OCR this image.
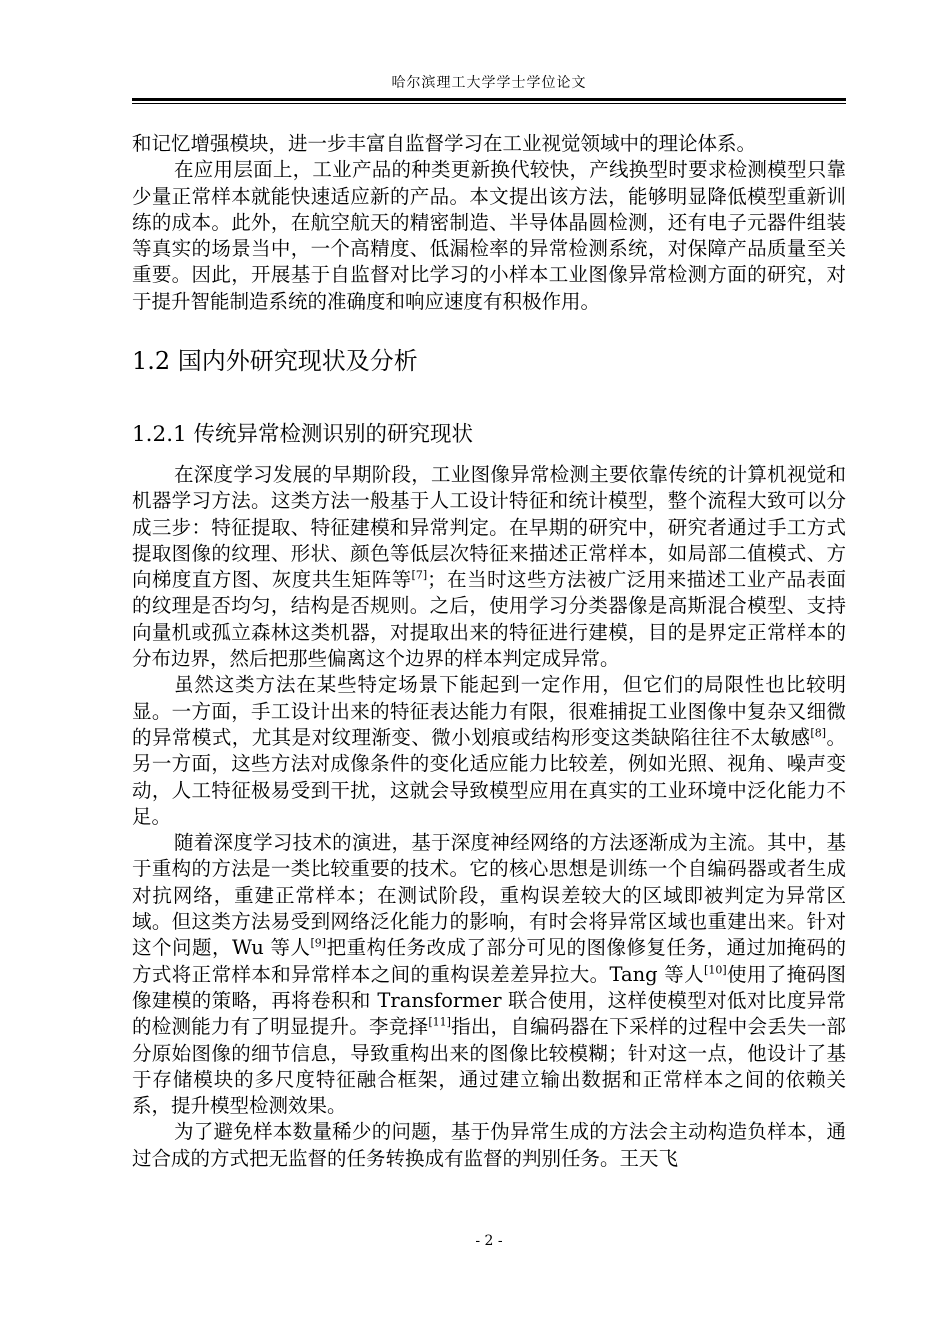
哈尔滨理工大学学士学位论文

和记忆增强模块，进一步丰富自监督学习在工业视觉领域中的理论体系。

在应用层面上，工业产品的种类更新换代较快，产线换型时要求检测模型只靠少量正常样本就能快速适应新的产品。本文提出该方法，能够明显降低模型重新训练的成本。此外，在航空航天的精密制造、半导体晶圆检测，还有电子元器件组装等真实的场景当中，一个高精度、低漏检率的异常检测系统，对保障产品质量至关重要。因此，开展基于自监督对比学习的小样本工业图像异常检测方面的研究，对于提升智能制造系统的准确度和响应速度有积极作用。

1.2 国内外研究现状及分析
1.2.1 传统异常检测识别的研究现状

在深度学习发展的早期阶段，工业图像异常检测主要依靠传统的计算机视觉和机器学习方法。这类方法一般基于人工设计特征和统计模型，整个流程大致可以分成三步：特征提取、特征建模和异常判定。在早期的研究中，研究者通过手工方式提取图像的纹理、形状、颜色等低层次特征来描述正常样本，如局部二值模式、方向梯度直方图、灰度共生矩阵等[7]；在当时这些方法被广泛用来描述工业产品表面的纹理是否均匀，结构是否规则。之后，使用学习分类器像是高斯混合模型、支持向量机或孤立森林这类机器，对提取出来的特征进行建模，目的是界定正常样本的分布边界，然后把那些偏离这个边界的样本判定成异常。

虽然这类方法在某些特定场景下能起到一定作用，但它们的局限性也比较明显。一方面，手工设计出来的特征表达能力有限，很难捕捉工业图像中复杂又细微的异常模式，尤其是对纹理渐变、微小划痕或结构形变这类缺陷往往不太敏感[8]。另一方面，这些方法对成像条件的变化适应能力比较差，例如光照、视角、噪声变动，人工特征极易受到干扰，这就会导致模型应用在真实的工业环境中泛化能力不足。

随着深度学习技术的演进，基于深度神经网络的方法逐渐成为主流。其中，基于重构的方法是一类比较重要的技术。它的核心思想是训练一个自编码器或者生成对抗网络，重建正常样本；在测试阶段，重构误差较大的区域即被判定为异常区域。但这类方法易受到网络泛化能力的影响，有时会将异常区域也重建出来。针对这个问题，Wu 等人[9]把重构任务改成了部分可见的图像修复任务，通过加掩码的方式将正常样本和异常样本之间的重构误差差异拉大。Tang 等人[10]使用了掩码图像建模的策略，再将卷积和 Transformer 联合使用，这样使模型对低对比度异常的检测能力有了明显提升。李竞择[11]指出，自编码器在下采样的过程中会丢失一部分原始图像的细节信息，导致重构出来的图像比较模糊；针对这一点，他设计了基于存储模块的多尺度特征融合框架，通过建立输出数据和正常样本之间的依赖关系，提升模型检测效果。

为了避免样本数量稀少的问题，基于伪异常生成的方法会主动构造负样本，通过合成的方式把无监督的任务转换成有监督的判别任务。王天飞

- 2 -
